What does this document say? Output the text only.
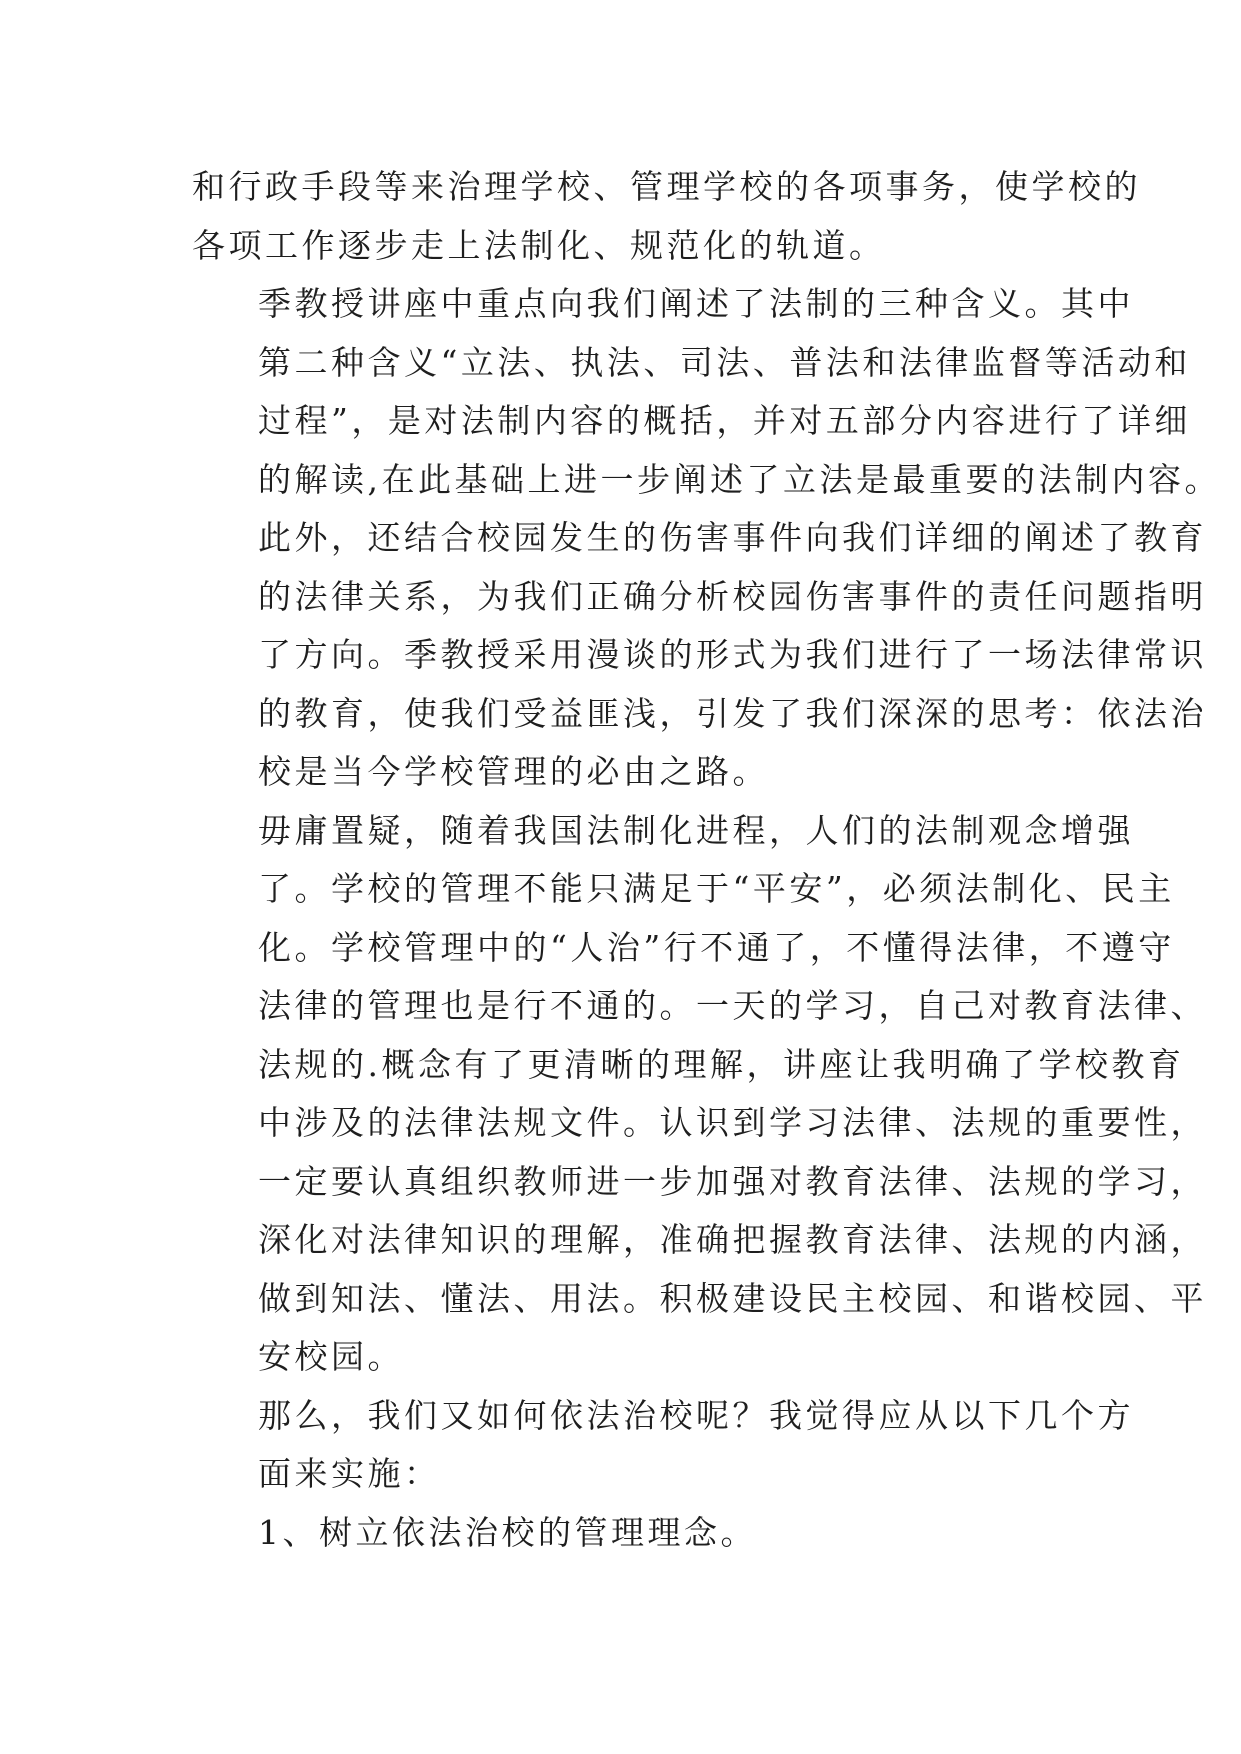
和行政手段等来治理学校、管理学校的各项事务，使学校的
各项工作逐步走上法制化、规范化的轨道。

季教授讲座中重点向我们阐述了法制的三种含义。其中
第二种含义“立法、执法、司法、普法和法律监督等活动和
过程”，是对法制内容的概括，并对五部分内容进行了详细
的解读,在此基础上进一步阐述了立法是最重要的法制内容。
此外，还结合校园发生的伤害事件向我们详细的阐述了教育
的法律关系，为我们正确分析校园伤害事件的责任问题指明
了方向。季教授采用漫谈的形式为我们进行了一场法律常识
的教育，使我们受益匪浅，引发了我们深深的思考：依法治
校是当今学校管理的必由之路。

毋庸置疑，随着我国法制化进程，人们的法制观念增强
了。学校的管理不能只满足于“平安”，必须法制化、民主
化。学校管理中的“人治”行不通了，不懂得法律，不遵守
法律的管理也是行不通的。一天的学习，自己对教育法律、
法规的.概念有了更清晰的理解，讲座让我明确了学校教育
中涉及的法律法规文件。认识到学习法律、法规的重要性，
一定要认真组织教师进一步加强对教育法律、法规的学习，
深化对法律知识的理解，准确把握教育法律、法规的内涵，
做到知法、懂法、用法。积极建设民主校园、和谐校园、平
安校园。

那么，我们又如何依法治校呢？我觉得应从以下几个方
面来实施：

1、树立依法治校的管理理念。
